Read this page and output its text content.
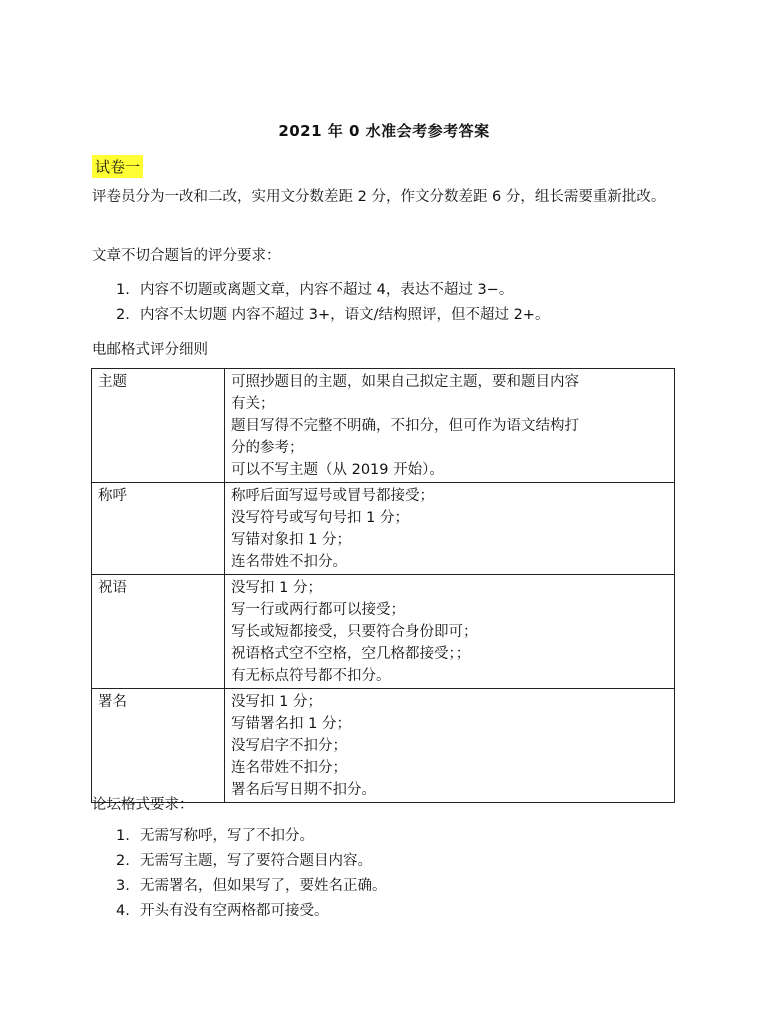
2021 年 0 水准会考参考答案
试卷一
评卷员分为一改和二改，实用文分数差距 2 分，作文分数差距 6 分，组长需要重新批改。
文章不切合题旨的评分要求：
1. 内容不切题或离题文章，内容不超过 4，表达不超过 3−。
2. 内容不太切题 内容不超过 3+，语文/结构照评，但不超过 2+。
电邮格式评分细则
主题	可照抄题目的主题，如果自己拟定主题，要和题目内容
有关；
题目写得不完整不明确，不扣分，但可作为语文结构打
分的参考；
可以不写主题（从 2019 开始）。

称呼	称呼后面写逗号或冒号都接受；
没写符号或写句号扣 1 分；
写错对象扣 1 分；
连名带姓不扣分。

祝语	没写扣 1 分；
写一行或两行都可以接受；
写长或短都接受，只要符合身份即可；
祝语格式空不空格，空几格都接受；；
有无标点符号都不扣分。

署名	没写扣 1 分；
写错署名扣 1 分；
没写启字不扣分；
连名带姓不扣分；
署名后写日期不扣分。
论坛格式要求：
1. 无需写称呼，写了不扣分。
2. 无需写主题，写了要符合题目内容。
3. 无需署名，但如果写了，要姓名正确。
4. 开头有没有空两格都可接受。
